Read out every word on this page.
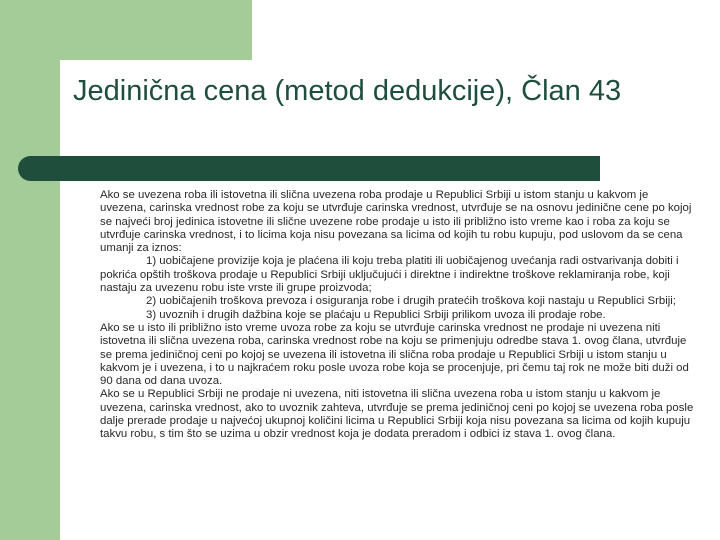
Jedinična cena (metod dedukcije), Član 43

Ako se uvezena roba ili istovetna ili slična uvezena roba prodaje u Republici Srbiji u istom stanju u kakvom je uvezena, carinska vrednost robe za koju se utvrđuje carinska vrednost, utvrđuje se na osnovu jedinične cene po kojoj se najveći broj jedinica istovetne ili slične uvezene robe prodaje u isto ili približno isto vreme kao i roba za koju se utvrđuje carinska vrednost, i to licima koja nisu povezana sa licima od kojih tu robu kupuju, pod uslovom da se cena umanji za iznos:

1) uobičajene provizije koja je plaćena ili koju treba platiti ili uobičajenog uvećanja radi ostvarivanja dobiti i pokrića opštih troškova prodaje u Republici Srbiji uključujući i direktne i indirektne troškove reklamiranja robe, koji nastaju za uvezenu robu iste vrste ili grupe proizvoda;

2) uobičajenih troškova prevoza i osiguranja robe i drugih pratećih troškova koji nastaju u Republici Srbiji;

3) uvoznih i drugih dažbina koje se plaćaju u Republici Srbiji prilikom uvoza ili prodaje robe.

Ako se u isto ili približno isto vreme uvoza robe za koju se utvrđuje carinska vrednost ne prodaje ni uvezena niti istovetna ili slična uvezena roba, carinska vrednost robe na koju se primenjuju odredbe stava 1. ovog člana, utvrđuje se prema jediničnoj ceni po kojoj se uvezena ili istovetna ili slična roba prodaje u Republici Srbiji u istom stanju u kakvom je i uvezena, i to u najkraćem roku posle uvoza robe koja se procenjuje, pri čemu taj rok ne može biti duži od 90 dana od dana uvoza.

Ako se u Republici Srbiji ne prodaje ni uvezena, niti istovetna ili slična uvezena roba u istom stanju u kakvom je uvezena, carinska vrednost, ako to uvoznik zahteva, utvrđuje se prema jediničnoj ceni po kojoj se uvezena roba posle dalje prerade prodaje u najvećoj ukupnoj količini licima u Republici Srbiji koja nisu povezana sa licima od kojih kupuju takvu robu, s tim što se uzima u obzir vrednost koja je dodata preradom i odbici iz stava 1. ovog člana.
